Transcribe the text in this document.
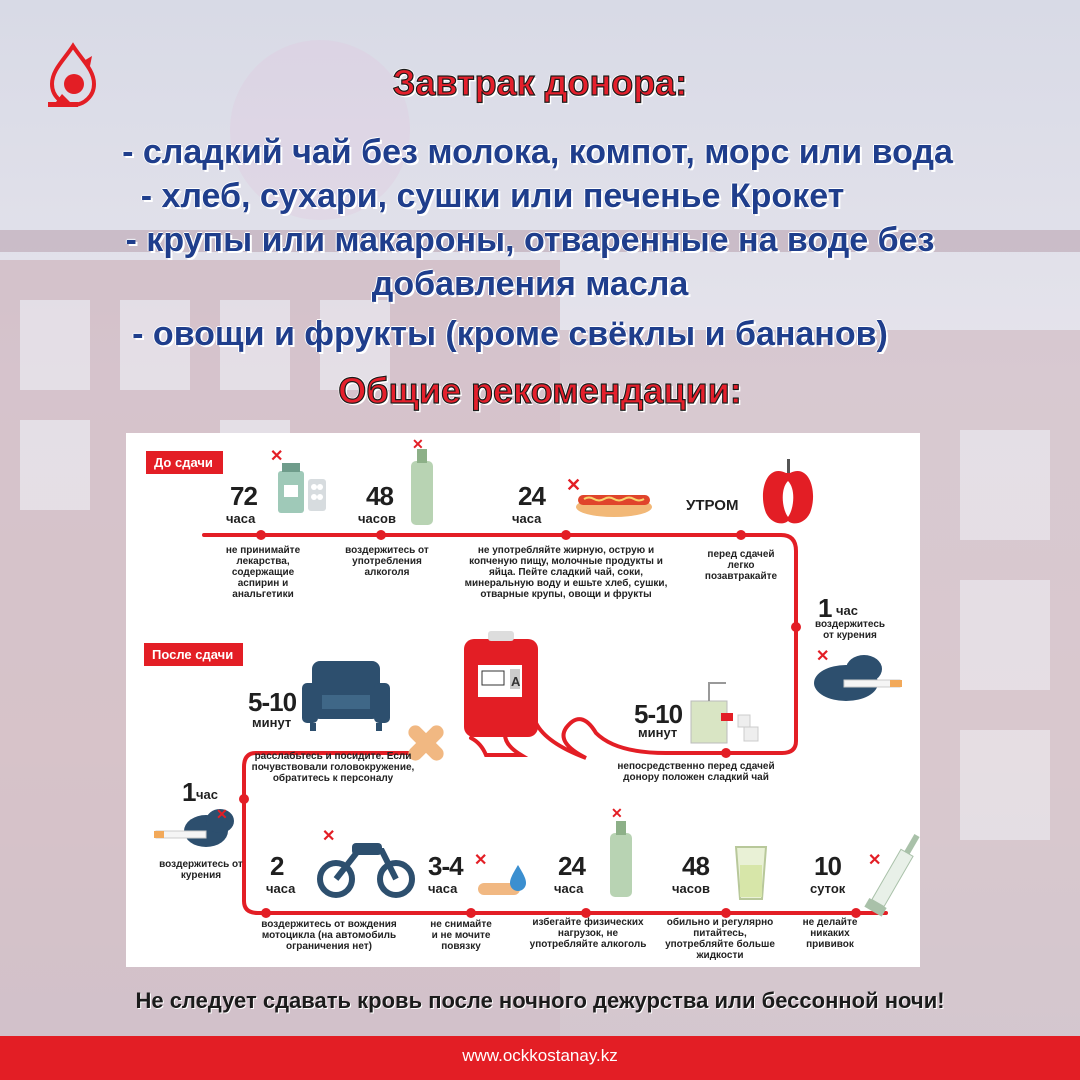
Завтрак донора:
- сладкий чай без молока, компот, морс или вода
- хлеб, сухари, сушки или печенье Крокет
- крупы или макароны, отваренные на воде без
добавления масла
- овощи и фрукты (кроме свёклы и бананов)
Общие рекомендации:
✕
✕
✕
✕
A
✕
✕
✕
✕
✕
До сдачи
После сдачи
72
часа
не принимайте лекарства, содержащие аспирин и анальгетики
48
часов
воздержитесь от употребления алкоголя
24
часа
не употребляйте жирную, острую и копченую пищу, молочные продукты и яйца. Пейте сладкий чай, соки, минеральную воду и ешьте хлеб, сушки, отварные крупы, овощи и фрукты
УТРОМ
перед сдачей легко позавтракайте
1 час
воздержитесь от курения
5-10
минут
непосредственно перед сдачей донору положен сладкий чай
5-10
минут
расслабьтесь и посидите. Если почувствовали головокружение, обратитесь к персоналу
1 час
воздержитесь от курения	2
часа
воздержитесь от вождения мотоцикла (на автомобиль ограничения нет)
3-4
часа
не снимайте и не мочите повязку
24
часа
избегайте физических нагрузок, не употребляйте алкоголь
48
часов
обильно и регулярно питайтесь, употребляйте больше жидкости
10
суток
не делайте никаких прививок
Не следует сдавать кровь после ночного дежурства или бессонной ночи!
www.ockkostanay.kz
